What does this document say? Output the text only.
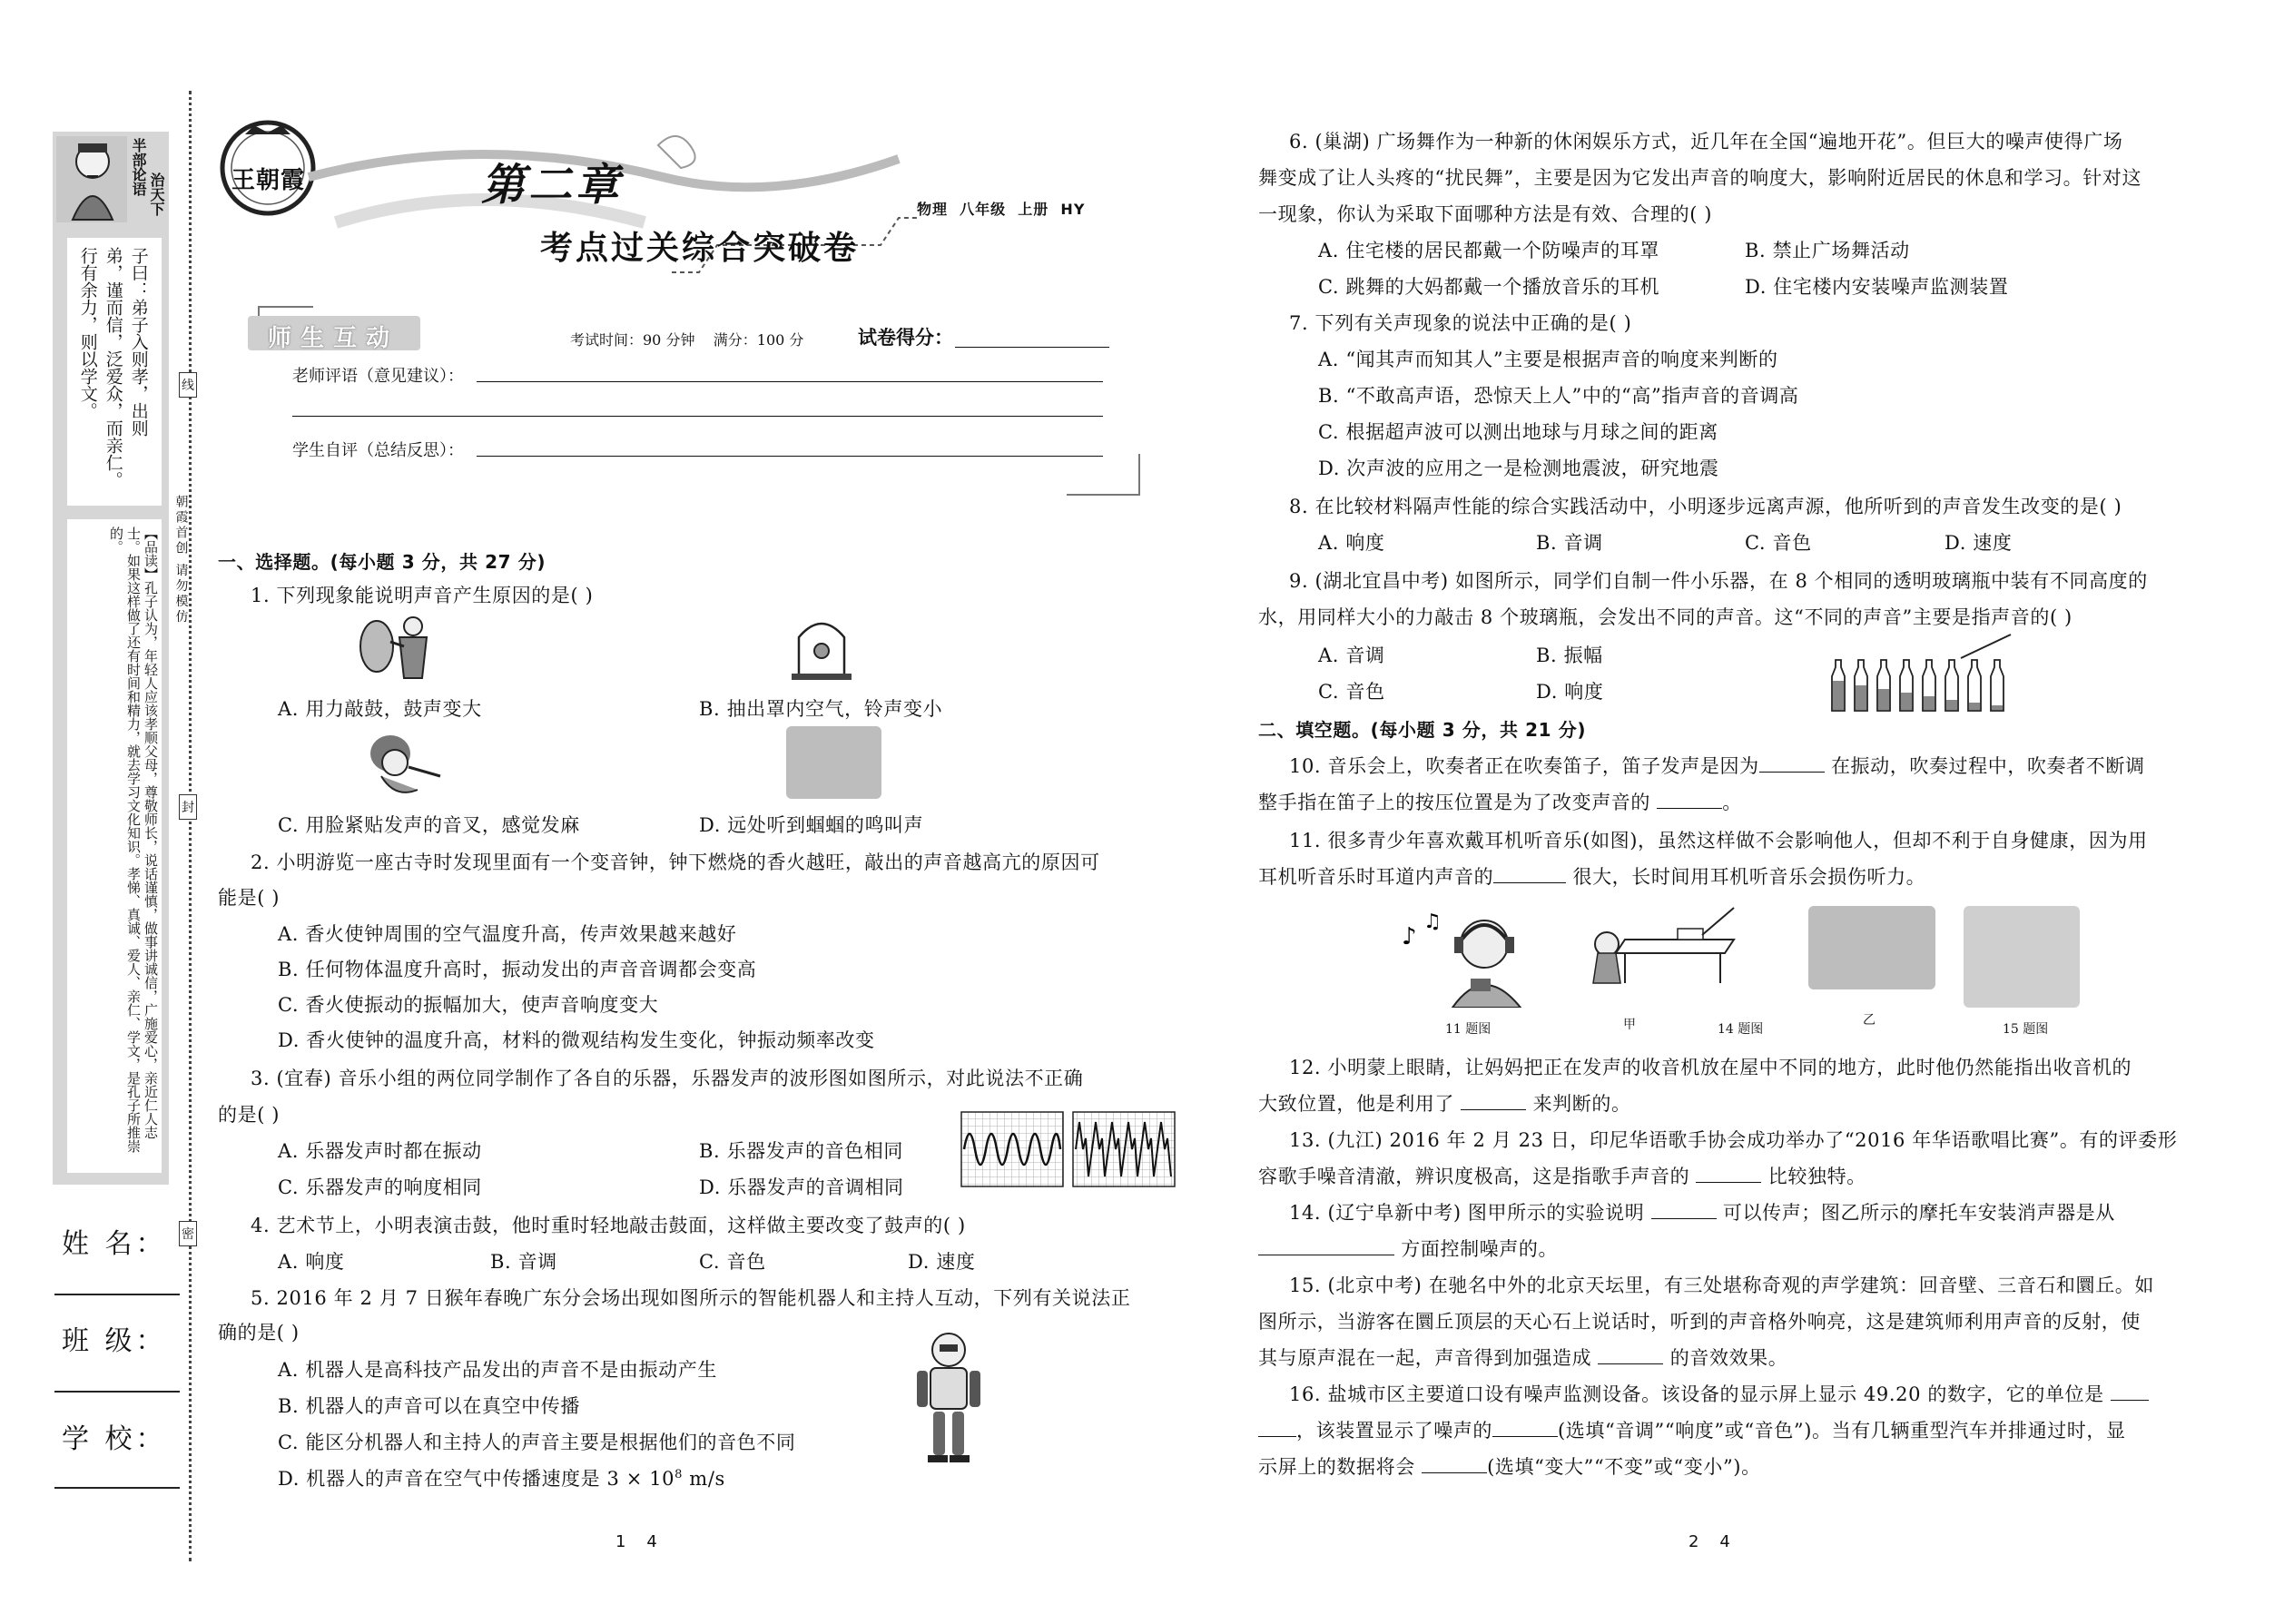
半部论语 治天下
子曰：弟子入则孝，出则
弟，谨而信，泛爱众，而亲仁。
行有余力，则以学文。
【品读】孔子认为，年轻人应该孝顺父母，尊敬师长，说话谨慎，做事讲诚信，广施爱心，亲近仁人志士。如果这样做了还有时间和精力，就去学习文化知识。孝悌、真诚、爱人、亲仁、学文，是孔子所推崇的。
姓 名：
班 级：
学 校：
线
封
密
朝霞首创 请勿模仿
王朝霞	第二章
考点过关综合突破卷
物理  八年级  上册  HY
师生互动	考试时间：90 分钟    满分：100 分	试卷得分：
老师评语（意见建议）：
学生自评（总结反思）：
一、选择题。(每小题 3 分，共 27 分)
1. 下列现象能说明声音产生原因的是( )
A. 用力敲鼓，鼓声变大	B. 抽出罩内空气，铃声变小
C. 用脸紧贴发声的音叉，感觉发麻	D. 远处听到蝈蝈的鸣叫声
2. 小明游览一座古寺时发现里面有一个变音钟，钟下燃烧的香火越旺，敲出的声音越高亢的原因可
能是( )
A. 香火使钟周围的空气温度升高，传声效果越来越好
B. 任何物体温度升高时，振动发出的声音音调都会变高
C. 香火使振动的振幅加大，使声音响度变大
D. 香火使钟的温度升高，材料的微观结构发生变化，钟振动频率改变
3. (宜春) 音乐小组的两位同学制作了各自的乐器，乐器发声的波形图如图所示，对此说法不正确
的是( )
A. 乐器发声时都在振动	B. 乐器发声的音色相同
C. 乐器发声的响度相同	D. 乐器发声的音调相同
4. 艺术节上，小明表演击鼓，他时重时轻地敲击鼓面，这样做主要改变了鼓声的( )
A. 响度	B. 音调	C. 音色	D. 速度
5. 2016 年 2 月 7 日猴年春晚广东分会场出现如图所示的智能机器人和主持人互动，下列有关说法正
确的是( )
A. 机器人是高科技产品发出的声音不是由振动产生
B. 机器人的声音可以在真空中传播
C. 能区分机器人和主持人的声音主要是根据他们的音色不同
D. 机器人的声音在空气中传播速度是 $3 \times 10^8$ m/s
1    4
6. (巢湖) 广场舞作为一种新的休闲娱乐方式，近几年在全国“遍地开花”。但巨大的噪声使得广场
舞变成了让人头疼的“扰民舞”，主要是因为它发出声音的响度大，影响附近居民的休息和学习。针对这
一现象，你认为采取下面哪种方法是有效、合理的( )
A. 住宅楼的居民都戴一个防噪声的耳罩	B. 禁止广场舞活动
C. 跳舞的大妈都戴一个播放音乐的耳机	D. 住宅楼内安装噪声监测装置
7. 下列有关声现象的说法中正确的是( )
A. “闻其声而知其人”主要是根据声音的响度来判断的
B. “不敢高声语，恐惊天上人”中的“高”指声音的音调高
C. 根据超声波可以测出地球与月球之间的距离
D. 次声波的应用之一是检测地震波，研究地震
8. 在比较材料隔声性能的综合实践活动中，小明逐步远离声源，他所听到的声音发生改变的是( )
A. 响度	B. 音调	C. 音色	D. 速度
9. (湖北宜昌中考) 如图所示，同学们自制一件小乐器，在 8 个相同的透明玻璃瓶中装有不同高度的
水，用同样大小的力敲击 8 个玻璃瓶，会发出不同的声音。这“不同的声音”主要是指声音的( )
A. 音调	B. 振幅
C. 音色	D. 响度
二、填空题。(每小题 3 分，共 21 分)
10. 音乐会上，吹奏者正在吹奏笛子，笛子发声是因为	在振动，吹奏过程中，吹奏者不断调
整手指在笛子上的按压位置是为了改变声音的	。
11. 很多青少年喜欢戴耳机听音乐(如图)，虽然这样做不会影响他人，但却不利于自身健康，因为用
耳机听音乐时耳道内声音的	很大，长时间用耳机听音乐会损伤听力。
♪
♫
11 题图	甲	14 题图
乙
15 题图
12. 小明蒙上眼睛，让妈妈把正在发声的收音机放在屋中不同的地方，此时他仍然能指出收音机的
大致位置，他是利用了	来判断的。
13. (九江) 2016 年 2 月 23 日，印尼华语歌手协会成功举办了“2016 年华语歌唱比赛”。有的评委形
容歌手噪音清澈，辨识度极高，这是指歌手声音的	比较独特。
14. (辽宁阜新中考) 图甲所示的实验说明	可以传声；图乙所示的摩托车安装消声器是从
方面控制噪声的。
15. (北京中考) 在驰名中外的北京天坛里，有三处堪称奇观的声学建筑：回音壁、三音石和圜丘。如
图所示，当游客在圜丘顶层的天心石上说话时，听到的声音格外响亮，这是建筑师利用声音的反射，使
其与原声混在一起，声音得到加强造成	的音效效果。
16. 盐城市区主要道口设有噪声监测设备。该设备的显示屏上显示 49.20 的数字，它的单位是
，该装置显示了噪声的	(选填“音调”“响度”或“音色”)。当有几辆重型汽车并排通过时，显
示屏上的数据将会	(选填“变大”“不变”或“变小”)。
2    4
